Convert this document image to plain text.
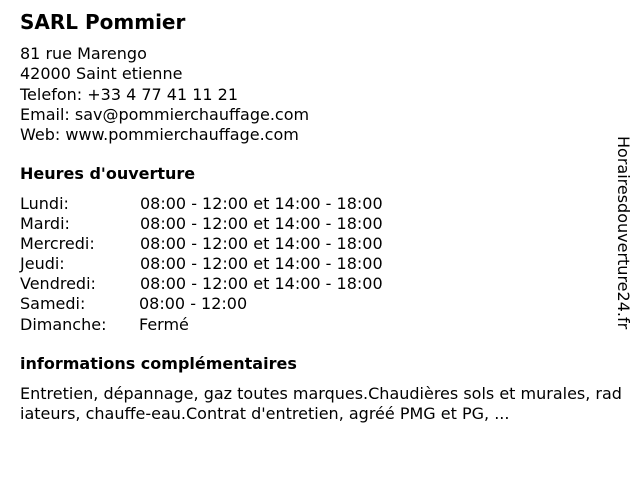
SARL Pommier
81 rue Marengo
42000 Saint etienne
Telefon: +33 4 77 41 11 21
Email: sav@pommierchauffage.com
Web: www.pommierchauffage.com
Heures d'ouverture
Lundi:	08:00 - 12:00 et 14:00 - 18:00
Mardi:	08:00 - 12:00 et 14:00 - 18:00
Mercredi:	08:00 - 12:00 et 14:00 - 18:00
Jeudi:	08:00 - 12:00 et 14:00 - 18:00
Vendredi:	08:00 - 12:00 et 14:00 - 18:00
Samedi:	08:00 - 12:00
Dimanche: Fermé
informations complémentaires
Entretien, dépannage, gaz toutes marques.Chaudières sols et murales, radiateurs, chauffe-eau.Contrat d'entretien, agréé PMG et PG, ...
Horairesdouverture24.fr
